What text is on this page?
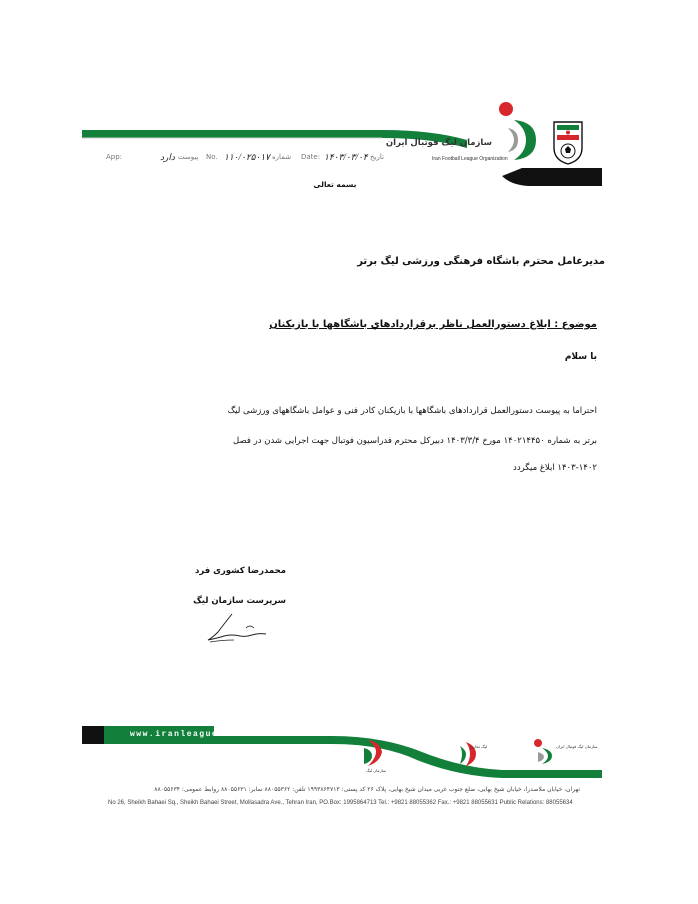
سازمان لیگ فوتبال ایران
Iran Football League Organization
App:	دارد پیوست No. ۱۱۰/۰۲۵۰۱۷ شماره Date: ۱۴۰۳/۰۳/۰۴ تاریخ
بسمه تعالی
مدیرعامل محترم باشگاه فرهنگی ورزشی لیگ برتر
موضوع : ابلاغ دستورالعمل ناظر برقراردادهاي باشگاهها با بازيكنان
با سلام
احتراما به پیوست دستورالعمل قراردادهای باشگاهها با بازیکنان کادر فنی و عوامل باشگاههای ورزشی لیگ
برتر به شماره ۱۴۰۲۱۴۴۵۰ مورخ ۱۴۰۳/۳/۴ دبیرکل محترم فدراسیون فوتبال جهت اجرایی شدن در فصل
۱۴۰۳-۱۴۰۲ ابلاغ میگردد
محمدرضا کشوری فرد
سرپرست سازمان لیگ
www.iranleague.ir
سازمان لیگ
لیگ تجاری	سازمان لیگ فوتبال ایران
تهران، خیابان ملاصدرا، خیابان شیخ بهایی، ضلع جنوب غربی میدان شیخ بهایی، پلاک ۲۶ کد پستی: ۱۹۹۳۸۶۴۷۱۳ تلفن: ۸۸۰۵۵۳۶۲ نمابر: ۸۸۰۵۵۶۳۱ روابط عمومی: ۸۸۰۵۵۶۳۴
No 26, Sheikh Bahaei Sq., Sheikh Bahaei Street, Mollasadra Ave., Tehran Iran, PO.Box: 1995864713 Tel.: +9821 88055362 Fax.: +9821 88055631 Public Relations: 88055634
